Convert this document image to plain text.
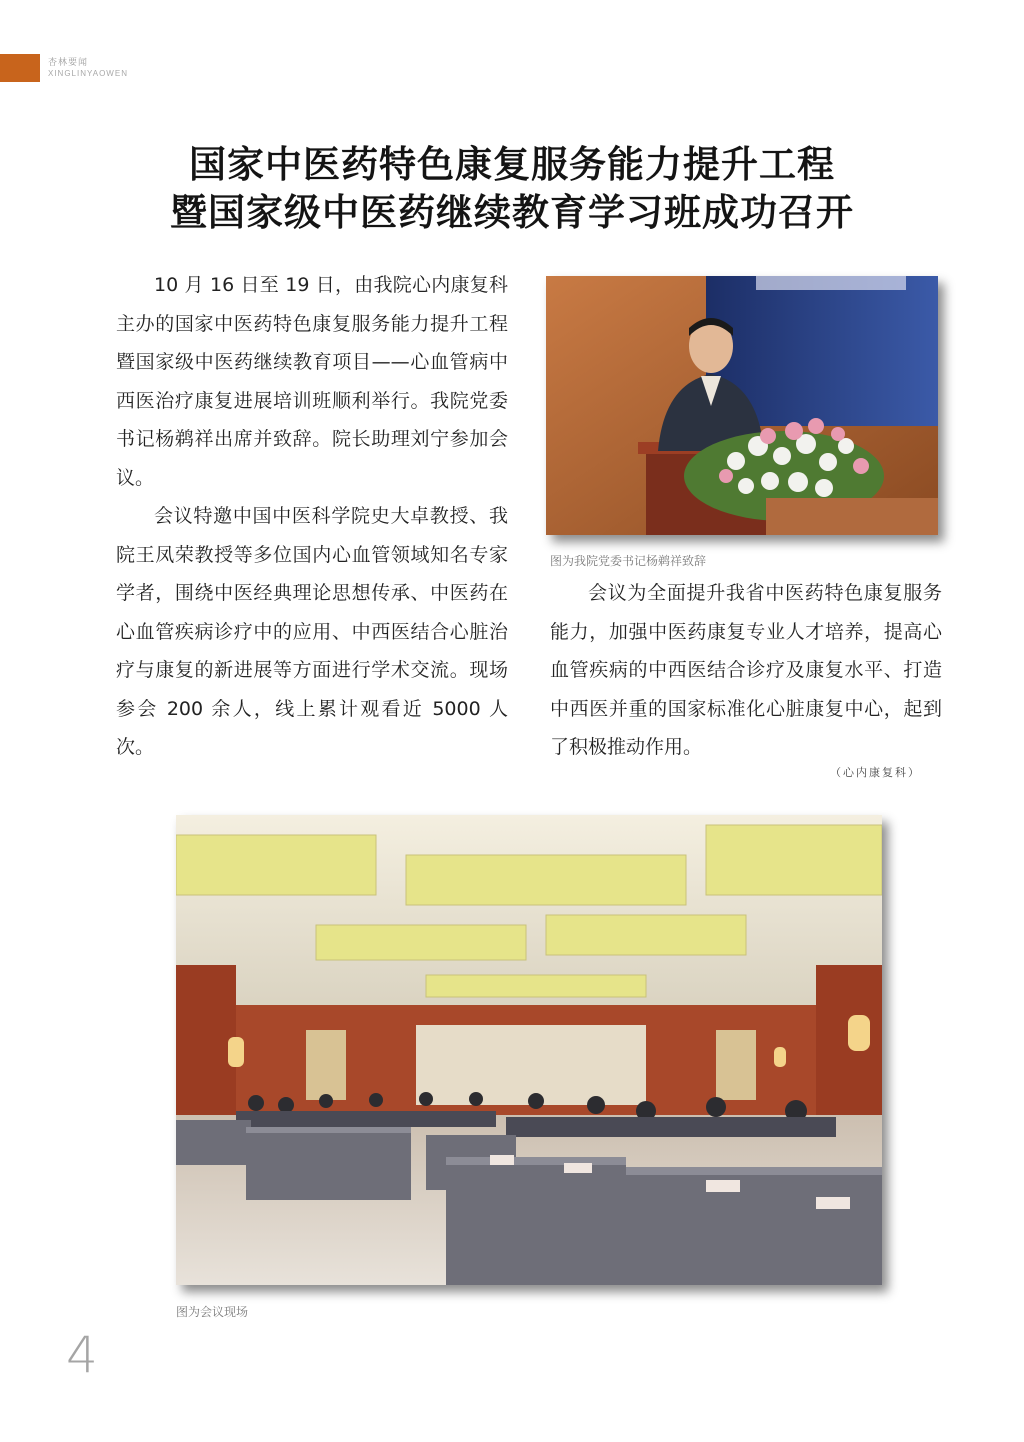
杏林要闻
XINGLINYAOWEN
国家中医药特色康复服务能力提升工程
暨国家级中医药继续教育学习班成功召开

10 月 16 日至 19 日，由我院心内康复科主办的国家中医药特色康复服务能力提升工程暨国家级中医药继续教育项目——心血管病中西医治疗康复进展培训班顺利举行。我院党委书记杨鹈祥出席并致辞。院长助理刘宁参加会议。

会议特邀中国中医科学院史大卓教授、我院王凤荣教授等多位国内心血管领域知名专家学者，围绕中医经典理论思想传承、中医药在心血管疾病诊疗中的应用、中西医结合心脏治疗与康复的新进展等方面进行学术交流。现场参会 200 余人，线上累计观看近 5000 人次。

图为我院党委书记杨鹈祥致辞

会议为全面提升我省中医药特色康复服务能力，加强中医药康复专业人才培养，提高心血管疾病的中西医结合诊疗及康复水平、打造中西医并重的国家标准化心脏康复中心，起到了积极推动作用。

（心内康复科）
图为会议现场
4
